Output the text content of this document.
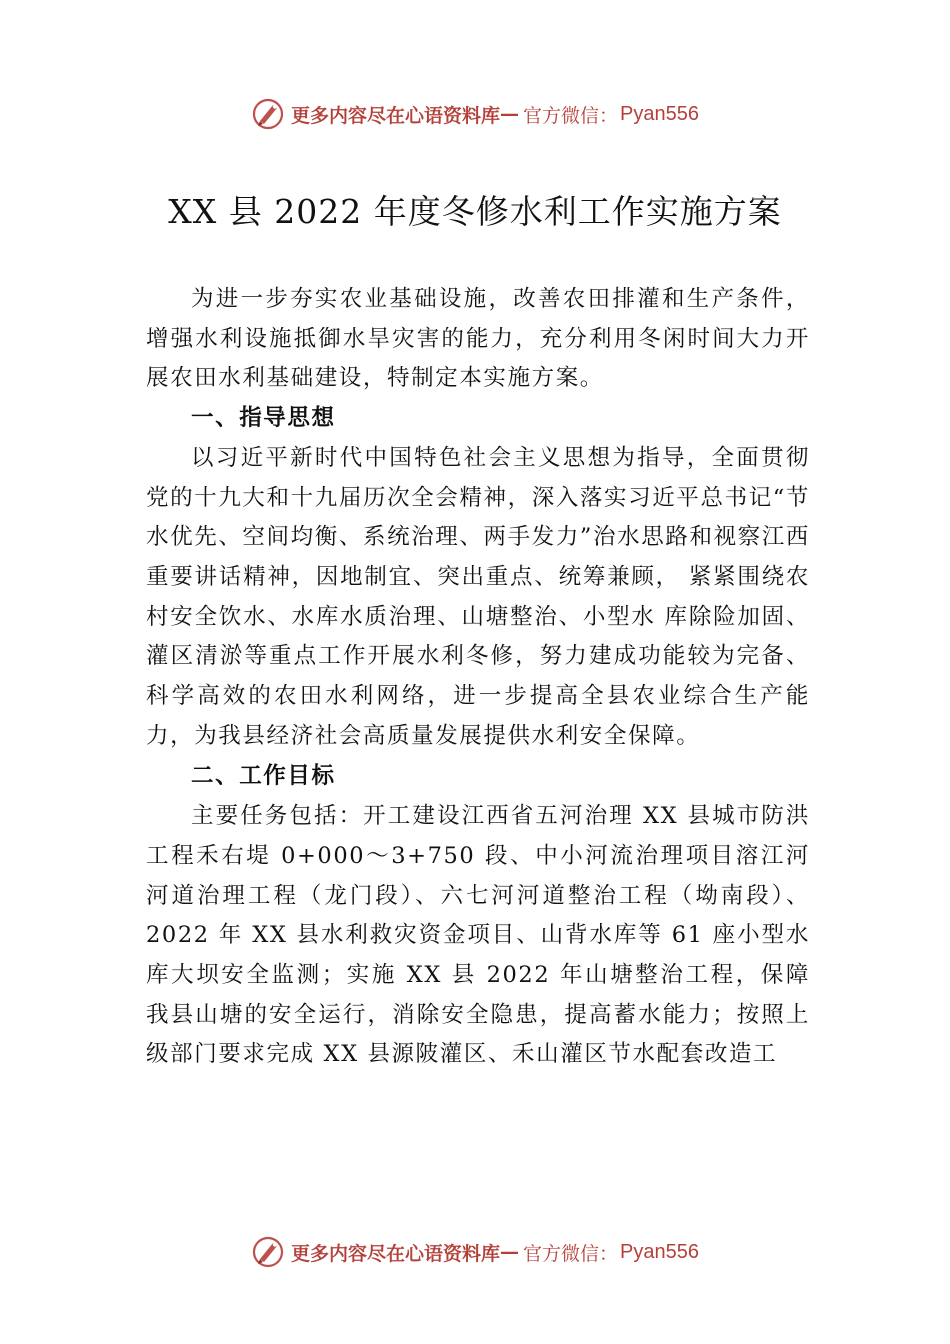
更多内容尽在心语资料库 — 官方微信： Pyan556
XX 县 2022 年度冬修水利工作实施方案

为进一步夯实农业基础设施，改善农田排灌和生产条件，增强水利设施抵御水旱灾害的能力，充分利用冬闲时间大力开展农田水利基础建设，特制定本实施方案。

一、指导思想

以习近平新时代中国特色社会主义思想为指导，全面贯彻党的十九大和十九届历次全会精神，深入落实习近平总书记“节水优先、空间均衡、系统治理、两手发力”治水思路和视察江西重要讲话精神，因地制宜、突出重点、统筹兼顾， 紧紧围绕农村安全饮水、水库水质治理、山塘整治、小型水 库除险加固、灌区清淤等重点工作开展水利冬修，努力建成功能较为完备、科学高效的农田水利网络，进一步提高全县农业综合生产能力，为我县经济社会高质量发展提供水利安全保障。

二、工作目标

主要任务包括：开工建设江西省五河治理 XX 县城市防洪工程禾右堤 0+000～3+750 段、中小河流治理项目溶江河河道治理工程（龙门段）、六七河河道整治工程（坳南段）、2022 年 XX 县水利救灾资金项目、山背水库等 61 座小型水库大坝安全监测；实施 XX 县 2022 年山塘整治工程，保障我县山塘的安全运行，消除安全隐患，提高蓄水能力；按照上级部门要求完成 XX 县源陂灌区、禾山灌区节水配套改造工

更多内容尽在心语资料库 — 官方微信： Pyan556
